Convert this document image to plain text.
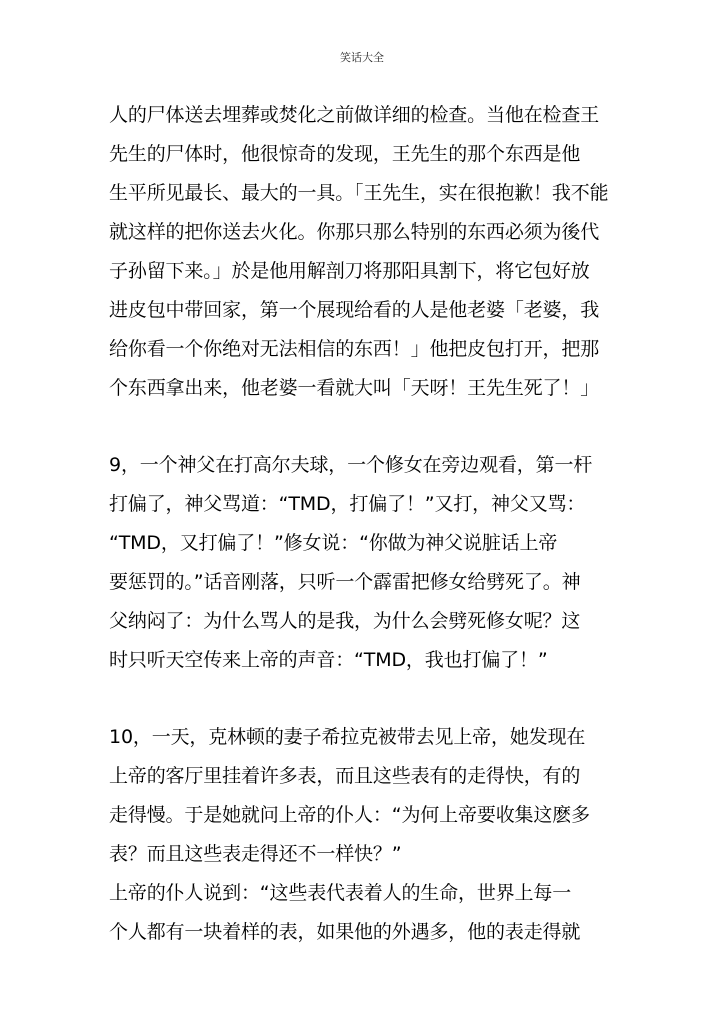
笑话大全
人的尸体送去埋葬或焚化之前做详细的检查。当他在检查王
先生的尸体时，他很惊奇的发现，王先生的那个东西是他
生平所见最长、最大的一具。「王先生，实在很抱歉！我不能
就这样的把你送去火化。你那只那么特别的东西必须为後代
子孙留下来。」於是他用解剖刀将那阳具割下，将它包好放
进皮包中带回家，第一个展现给看的人是他老婆「老婆，我
给你看一个你绝对无法相信的东西！」他把皮包打开，把那
个东西拿出来，他老婆一看就大叫「天呀！王先生死了！」
9，一个神父在打高尔夫球，一个修女在旁边观看，第一杆
打偏了，神父骂道：“TMD，打偏了！”又打，神父又骂：
“TMD，又打偏了！”修女说：“你做为神父说脏话上帝
要惩罚的。”话音刚落，只听一个霹雷把修女给劈死了。神
父纳闷了：为什么骂人的是我，为什么会劈死修女呢？这
时只听天空传来上帝的声音：“TMD，我也打偏了！”
10，一天，克林顿的妻子希拉克被带去见上帝，她发现在
上帝的客厅里挂着许多表，而且这些表有的走得快，有的
走得慢。于是她就问上帝的仆人：“为何上帝要收集这麽多
表？而且这些表走得还不一样快？”
上帝的仆人说到：“这些表代表着人的生命，世界上每一
个人都有一块着样的表，如果他的外遇多，他的表走得就
